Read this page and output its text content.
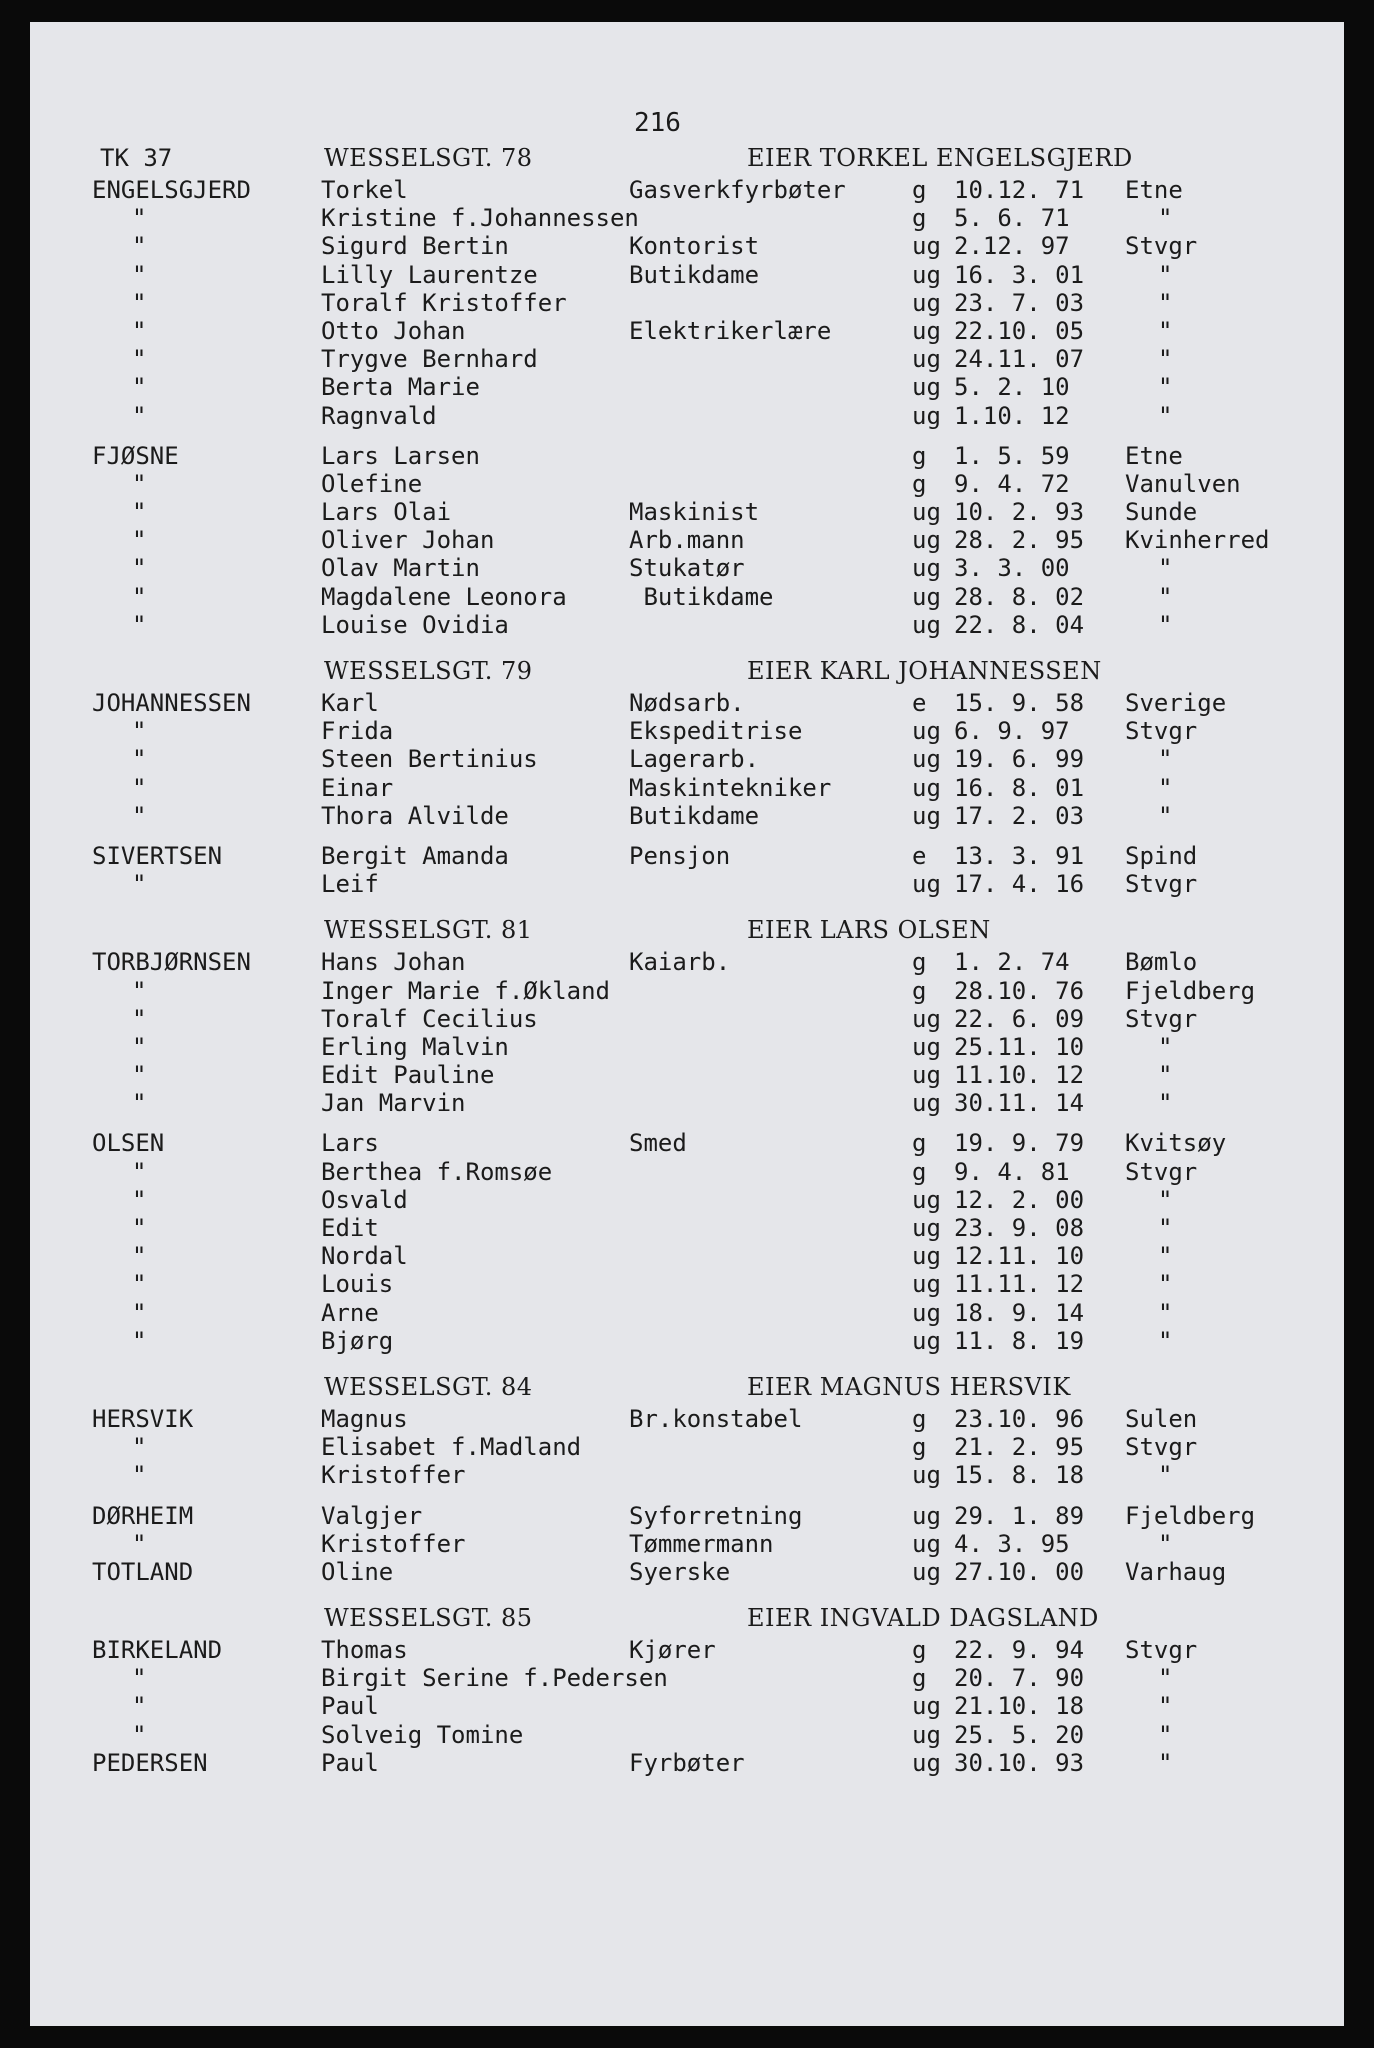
216
TK 37	WESSELSGT. 78	EIER TORKEL ENGELSGJERD
ENGELSGJERD	Torkel	Gasverkfyrbøter	g 10.12. 71 Etne
"	Kristine f.Johannessen	g 5. 6. 71	"
"	Sigurd Bertin	Kontorist	ug 2.12. 97 Stvgr
"	Lilly Laurentze	Butikdame	ug 16. 3. 01	"
"	Toralf Kristoffer	ug 23. 7. 03	"
"	Otto Johan	Elektrikerlære	ug 22.10. 05	"
"	Trygve Bernhard	ug 24.11. 07	"
"	Berta Marie	ug 5. 2. 10	"
"	Ragnvald	ug 1.10. 12	"
FJØSNE	Lars Larsen	g 1. 5. 59 Etne
"	Olefine	g 9. 4. 72 Vanulven
"	Lars Olai	Maskinist	ug 10. 2. 93 Sunde
"	Oliver Johan	Arb.mann	ug 28. 2. 95 Kvinherred
"	Olav Martin	Stukatør	ug 3. 3. 00	"
"	Magdalene Leonora	Butikdame	ug 28. 8. 02	"
"	Louise Ovidia	ug 22. 8. 04	"
WESSELSGT. 79	EIER KARL JOHANNESSEN
JOHANNESSEN	Karl	Nødsarb.	e 15. 9. 58 Sverige
"	Frida	Ekspeditrise	ug 6. 9. 97 Stvgr
"	Steen Bertinius	Lagerarb.	ug 19. 6. 99	"
"	Einar	Maskintekniker	ug 16. 8. 01	"
"	Thora Alvilde	Butikdame	ug 17. 2. 03	"
SIVERTSEN	Bergit Amanda	Pensjon	e 13. 3. 91 Spind
"	Leif	ug 17. 4. 16 Stvgr
WESSELSGT. 81	EIER LARS OLSEN
TORBJØRNSEN	Hans Johan	Kaiarb.	g 1. 2. 74 Bømlo
"	Inger Marie f.Økland	g 28.10. 76 Fjeldberg
"	Toralf Cecilius	ug 22. 6. 09 Stvgr
"	Erling Malvin	ug 25.11. 10	"
"	Edit Pauline	ug 11.10. 12	"
"	Jan Marvin	ug 30.11. 14	"
OLSEN	Lars	Smed	g 19. 9. 79 Kvitsøy
"	Berthea f.Romsøe	g 9. 4. 81 Stvgr
"	Osvald	ug 12. 2. 00	"
"	Edit	ug 23. 9. 08	"
"	Nordal	ug 12.11. 10	"
"	Louis	ug 11.11. 12	"
"	Arne	ug 18. 9. 14	"
"	Bjørg	ug 11. 8. 19	"
WESSELSGT. 84	EIER MAGNUS HERSVIK
HERSVIK	Magnus	Br.konstabel	g 23.10. 96 Sulen
"	Elisabet f.Madland	g 21. 2. 95 Stvgr
"	Kristoffer	ug 15. 8. 18	"
DØRHEIM	Valgjer	Syforretning	ug 29. 1. 89 Fjeldberg
"	Kristoffer	Tømmermann	ug 4. 3. 95	"
TOTLAND	Oline	Syerske	ug 27.10. 00 Varhaug
WESSELSGT. 85	EIER INGVALD DAGSLAND
BIRKELAND	Thomas	Kjører	g 22. 9. 94 Stvgr
"	Birgit Serine f.Pedersen	g 20. 7. 90	"
"	Paul	ug 21.10. 18	"
"	Solveig Tomine	ug 25. 5. 20	"
PEDERSEN	Paul	Fyrbøter	ug 30.10. 93	"
